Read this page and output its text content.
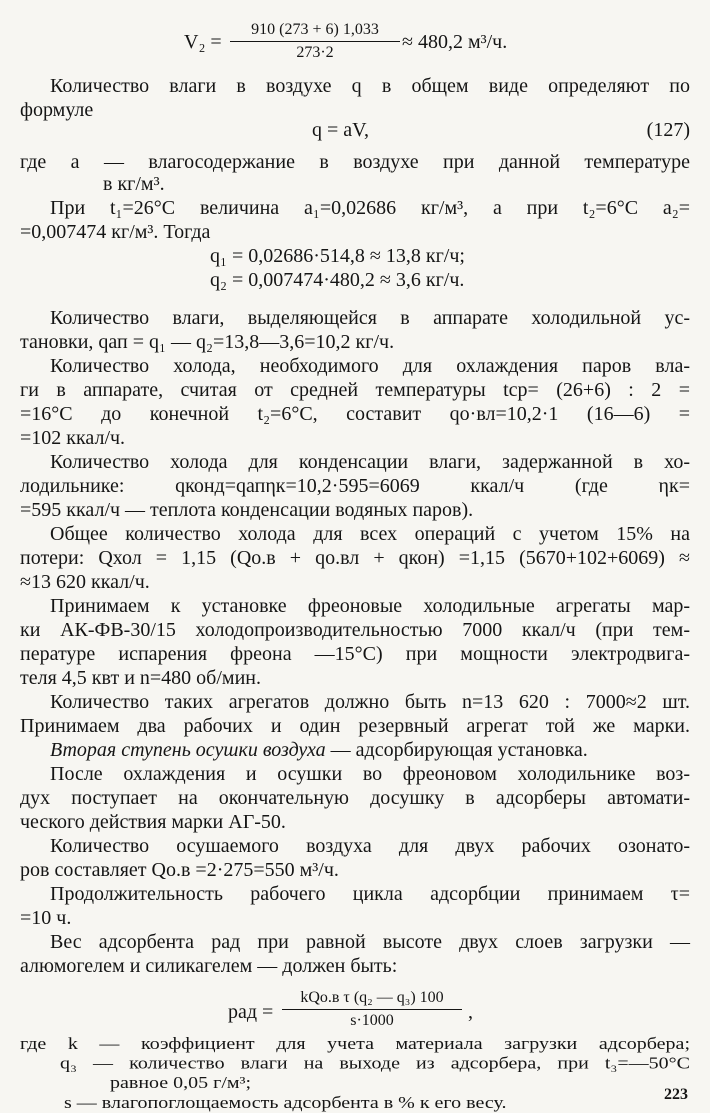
V₂ =
910 (273 + 6) 1,033
273·2	≈ 480,2 м³/ч.
Количество влаги в воздухе q в общем виде определяют по
формуле
q = aV,	(127)
где a — влагосодержание в воздухе при данной температуре
в кг/м³.
При t₁=26°С величина a₁=0,02686 кг/м³, а при t₂=6°С a₂=
=0,007474 кг/м³. Тогда
q₁ = 0,02686·514,8 ≈ 13,8 кг/ч;
q₂ = 0,007474·480,2 ≈ 3,6 кг/ч.
Количество влаги, выделяющейся в аппарате холодильной ус-
тановки, qап = q₁ — q₂=13,8—3,6=10,2 кг/ч.
Количество холода, необходимого для охлаждения паров вла-
ги в аппарате, считая от средней температуры tср= (26+6) : 2 =
=16°С до конечной t₂=6°С, составит qо·вл=10,2·1 (16—6) =
=102 ккал/ч.
Количество холода для конденсации влаги, задержанной в хо-
лодильнике: qконд=qапηк=10,2·595=6069 ккал/ч (где ηк=
=595 ккал/ч — теплота конденсации водяных паров).
Общее количество холода для всех операций с учетом 15% на
потери: Qхол = 1,15 (Qо.в + qо.вл + qкон) =1,15 (5670+102+6069) ≈
≈13 620 ккал/ч.
Принимаем к установке фреоновые холодильные агрегаты мар-
ки АК-ФВ-30/15 холодопроизводительностью 7000 ккал/ч (при тем-
пературе испарения фреона —15°С) при мощности электродвига-
теля 4,5 квт и n=480 об/мин.
Количество таких агрегатов должно быть n=13 620 : 7000≈2 шт.
Принимаем два рабочих и один резервный агрегат той же марки.
Вторая ступень осушки воздуха — адсорбирующая установка.
После охлаждения и осушки во фреоновом холодильнике воз-
дух поступает на окончательную досушку в адсорберы автомати-
ческого действия марки АГ-50.
Количество осушаемого воздуха для двух рабочих озонато-
ров составляет Qо.в =2·275=550 м³/ч.
Продолжительность рабочего цикла адсорбции принимаем τ=
=10 ч.
Вес адсорбента pад при равной высоте двух слоев загрузки —
алюмогелем и силикагелем — должен быть:
pад =
kQо.в τ (q₂ — q₃) 100
s·1000	,
где k — коэффициент для учета материала загрузки адсорбера;
q₃ — количество влаги на выходе из адсорбера, при t₃=—50°С
равное 0,05 г/м³;
s — влагопоглощаемость адсорбента в % к его весу.	223
